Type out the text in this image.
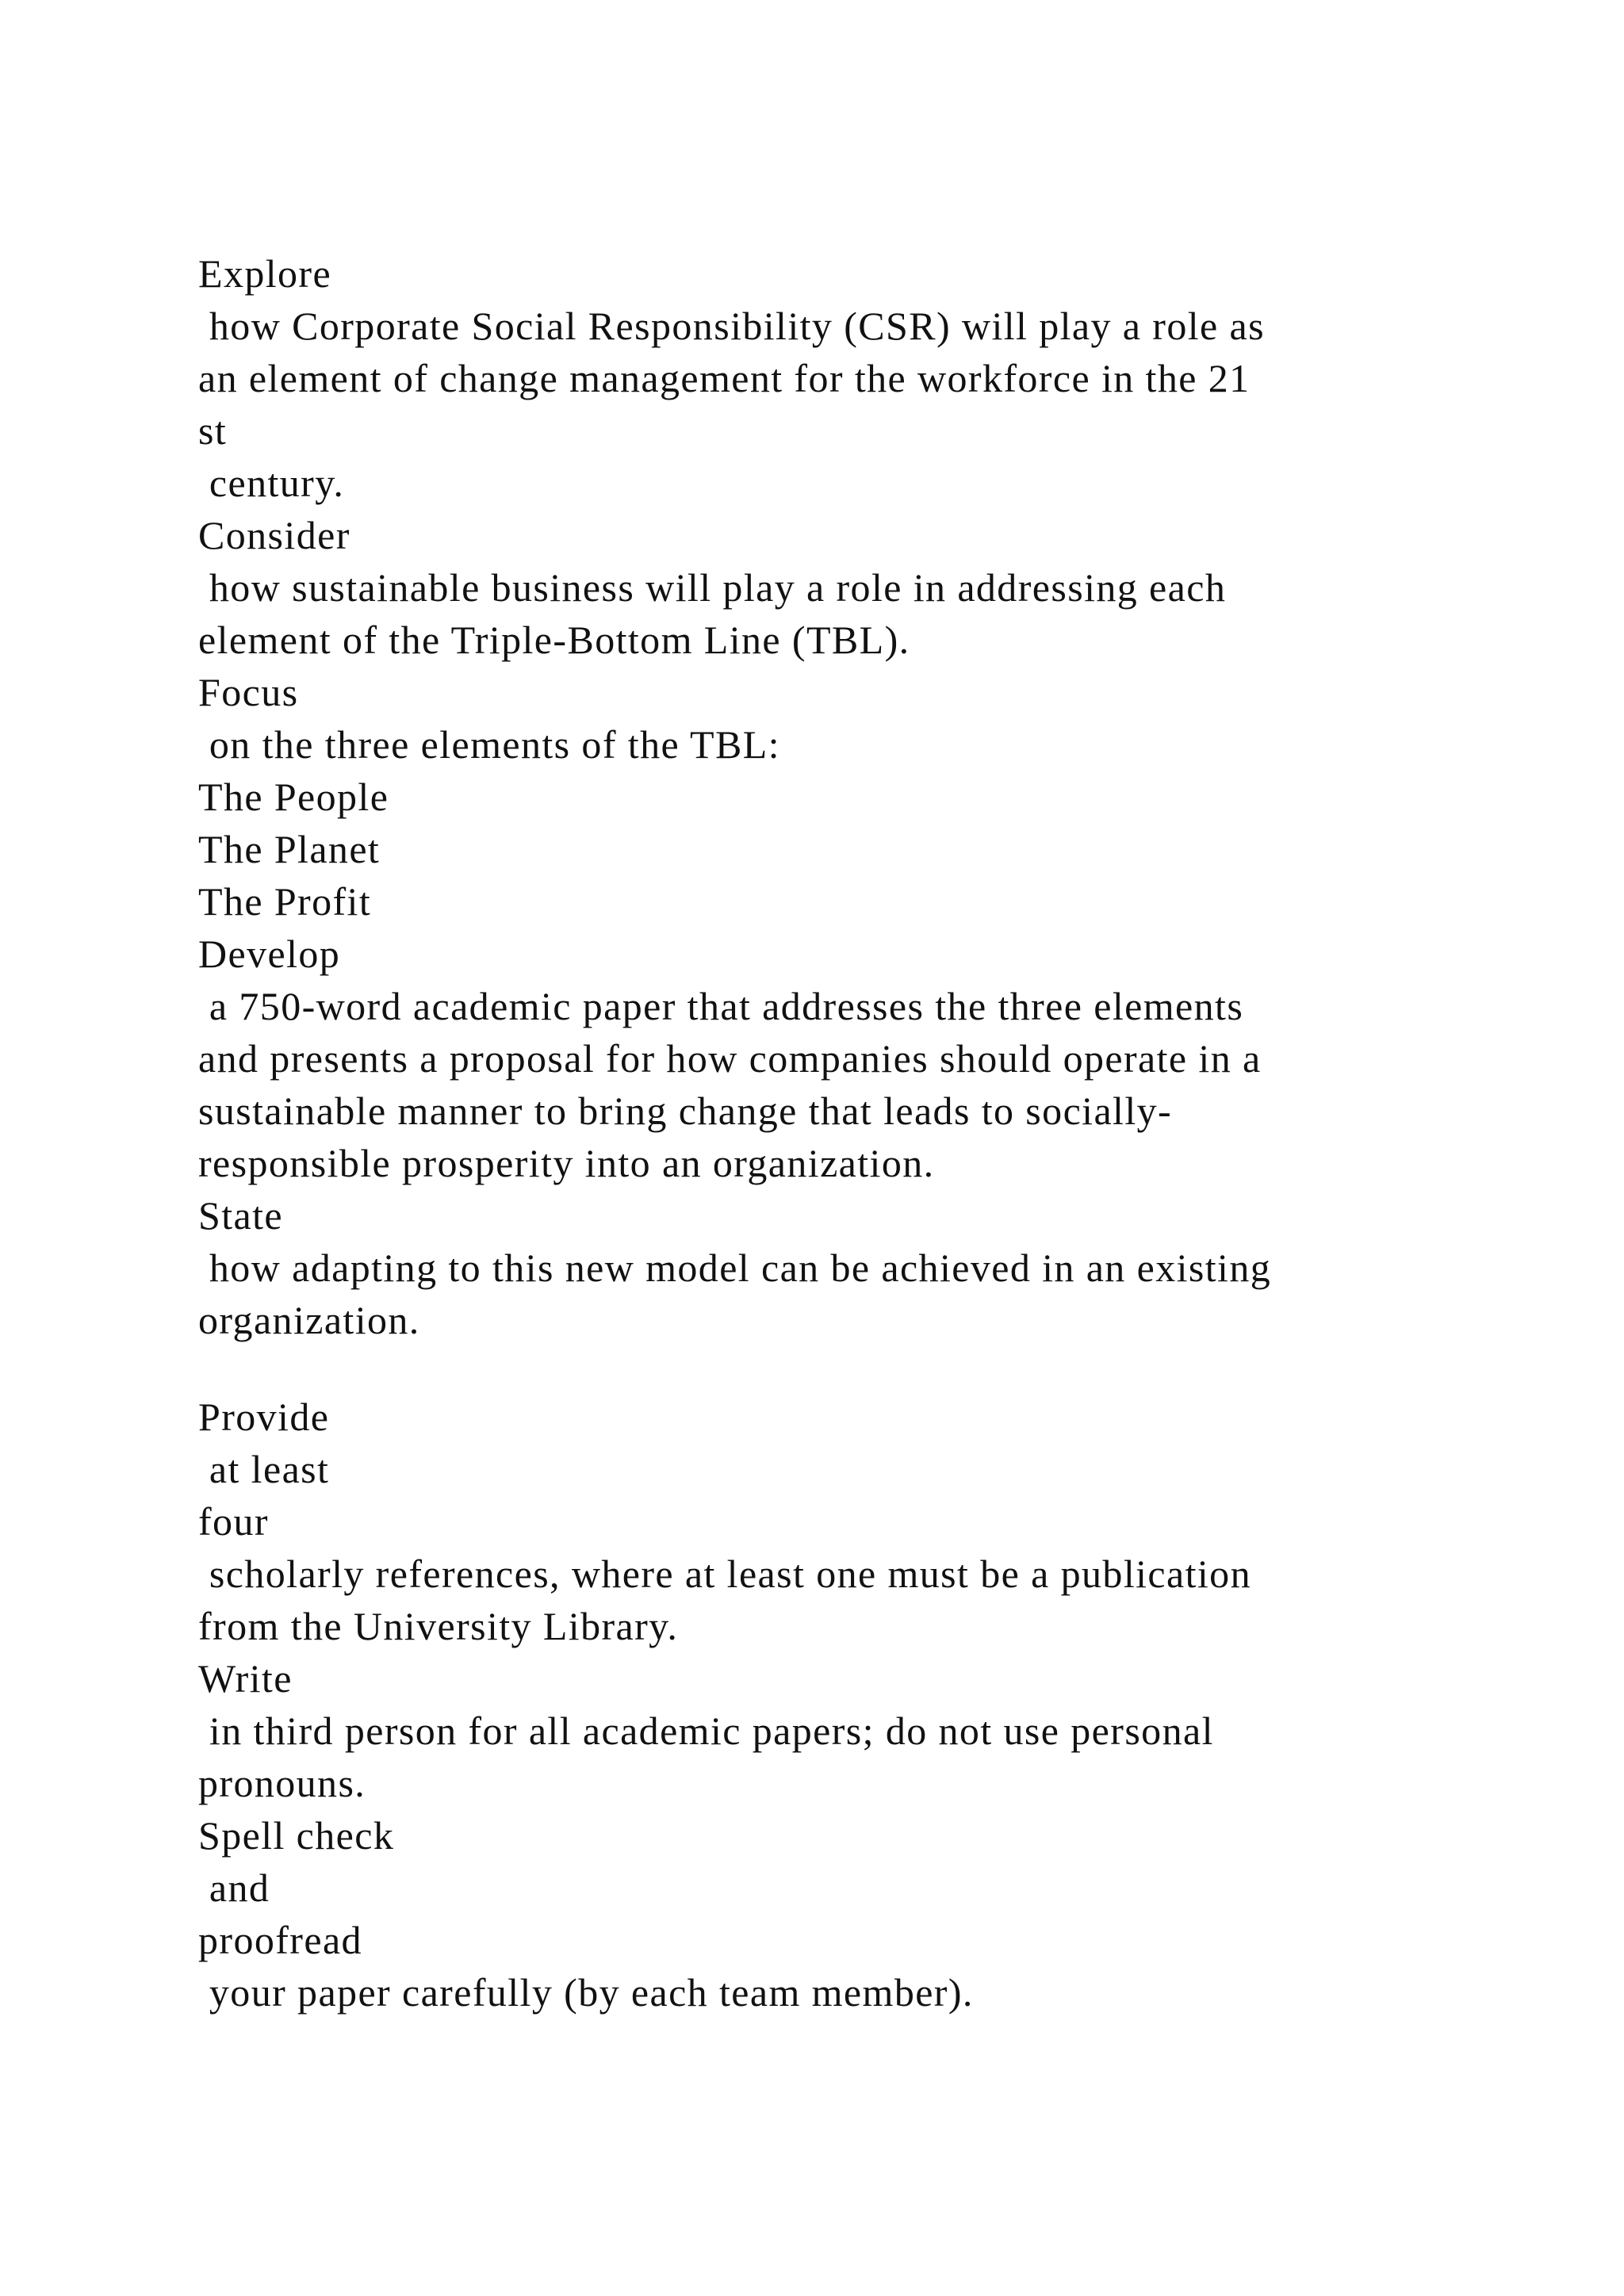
Explore
how Corporate Social Responsibility (CSR) will play a role as
an element of change management for the workforce in the 21
st
century.
Consider
how sustainable business will play a role in addressing each
element of the Triple-Bottom Line (TBL).
Focus
on the three elements of the TBL:
The People
The Planet
The Profit
Develop
a 750-word academic paper that addresses the three elements
and presents a proposal for how companies should operate in a
sustainable manner to bring change that leads to socially-
responsible prosperity into an organization.
State
how adapting to this new model can be achieved in an existing
organization.
Provide
at least
four
scholarly references, where at least one must be a publication
from the University Library.
Write
in third person for all academic papers; do not use personal
pronouns.
Spell check
and
proofread
your paper carefully (by each team member).
